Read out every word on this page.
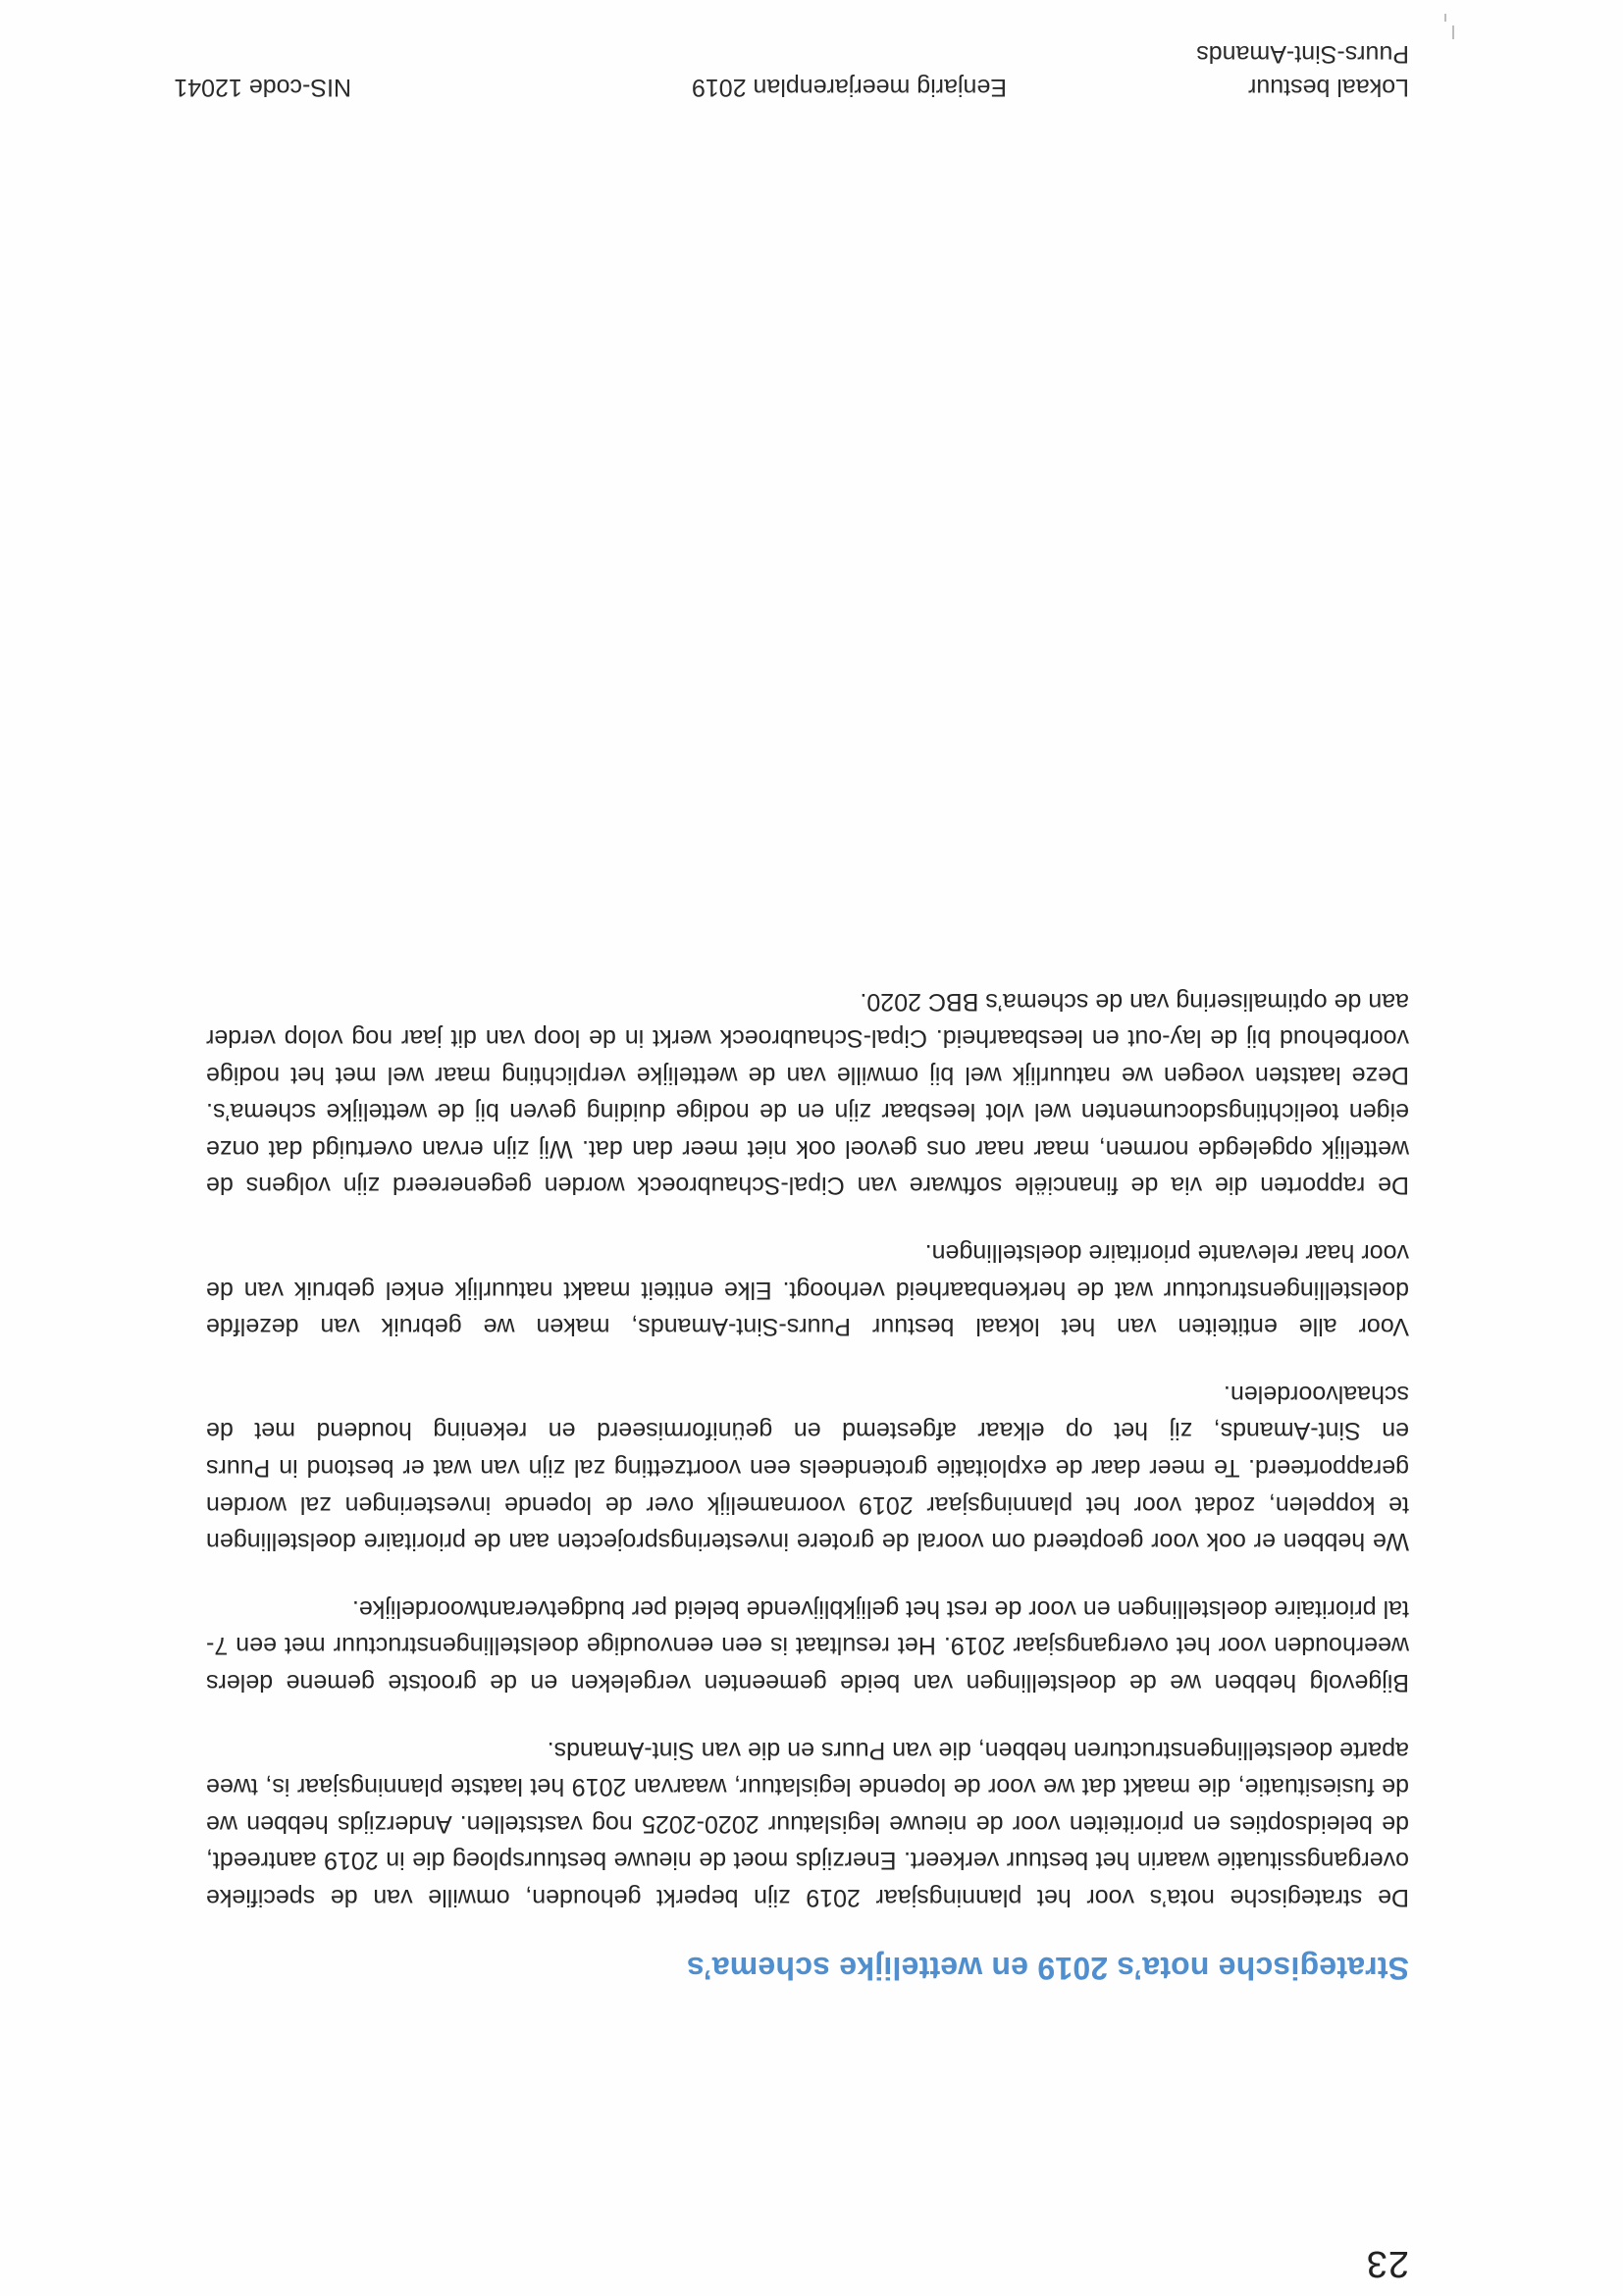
Lokaal bestuur
Puurs-Sint-Amands
Eenjarig meerjarenplan 2019
NIS-code 12041
23
Strategische nota’s 2019 en wettelijke schema’s

De strategische nota’s voor het planningsjaar 2019 zijn beperkt gehouden, omwille van de specifieke overgangssituatie waarin het bestuur verkeert. Enerzijds moet de nieuwe bestuursploeg die in 2019 aantreedt, de beleidsopties en prioriteiten voor de nieuwe legislatuur 2020-2025 nog vaststellen. Anderzijds hebben we de fusiesituatie, die maakt dat we voor de lopende legislatuur, waarvan 2019 het laatste planningsjaar is, twee aparte doelstellingenstructuren hebben, die van Puurs en die van Sint-Amands.

Bijgevolg hebben we de doelstellingen van beide gemeenten vergeleken en de grootste gemene delers weerhouden voor het overgangsjaar 2019. Het resultaat is een eenvoudige doelstellingenstructuur met een 7-tal prioritaire doelstellingen en voor de rest het gelijkblijvende beleid per budgetverantwoordelijke.

We hebben er ook voor geopteerd om vooral de grotere investeringsprojecten aan de prioritaire doelstellingen te koppelen, zodat voor het planningsjaar 2019 voornamelijk over de lopende investeringen zal worden gerapporteerd. Te meer daar de exploitatie grotendeels een voortzetting zal zijn van wat er bestond in Puurs en Sint-Amands, zij het op elkaar afgestemd en geüniformiseerd en rekening houdend met de schaalvoordelen.

Voor alle entiteiten van het lokaal bestuur Puurs-Sint-Amands, maken we gebruik van dezelfde doelstellingenstructuur wat de herkenbaarheid verhoogt. Elke entiteit maakt natuurlijk enkel gebruik van de voor haar relevante prioritaire doelstellingen.

De rapporten die via de financiële software van Cipal-Schaubroeck worden gegenereerd zijn volgens de wettelijk opgelegde normen, maar naar ons gevoel ook niet meer dan dat. Wij zijn ervan overtuigd dat onze eigen toelichtingsdocumenten wel vlot leesbaar zijn en de nodige duiding geven bij de wettelijke schema’s. Deze laatsten voegen we natuurlijk wel bij omwille van de wettelijke verplichting maar wel met het nodige voorbehoud bij de lay-out en leesbaarheid. Cipal-Schaubroeck werkt in de loop van dit jaar nog volop verder aan de optimalisering van de schema’s BBC 2020.
